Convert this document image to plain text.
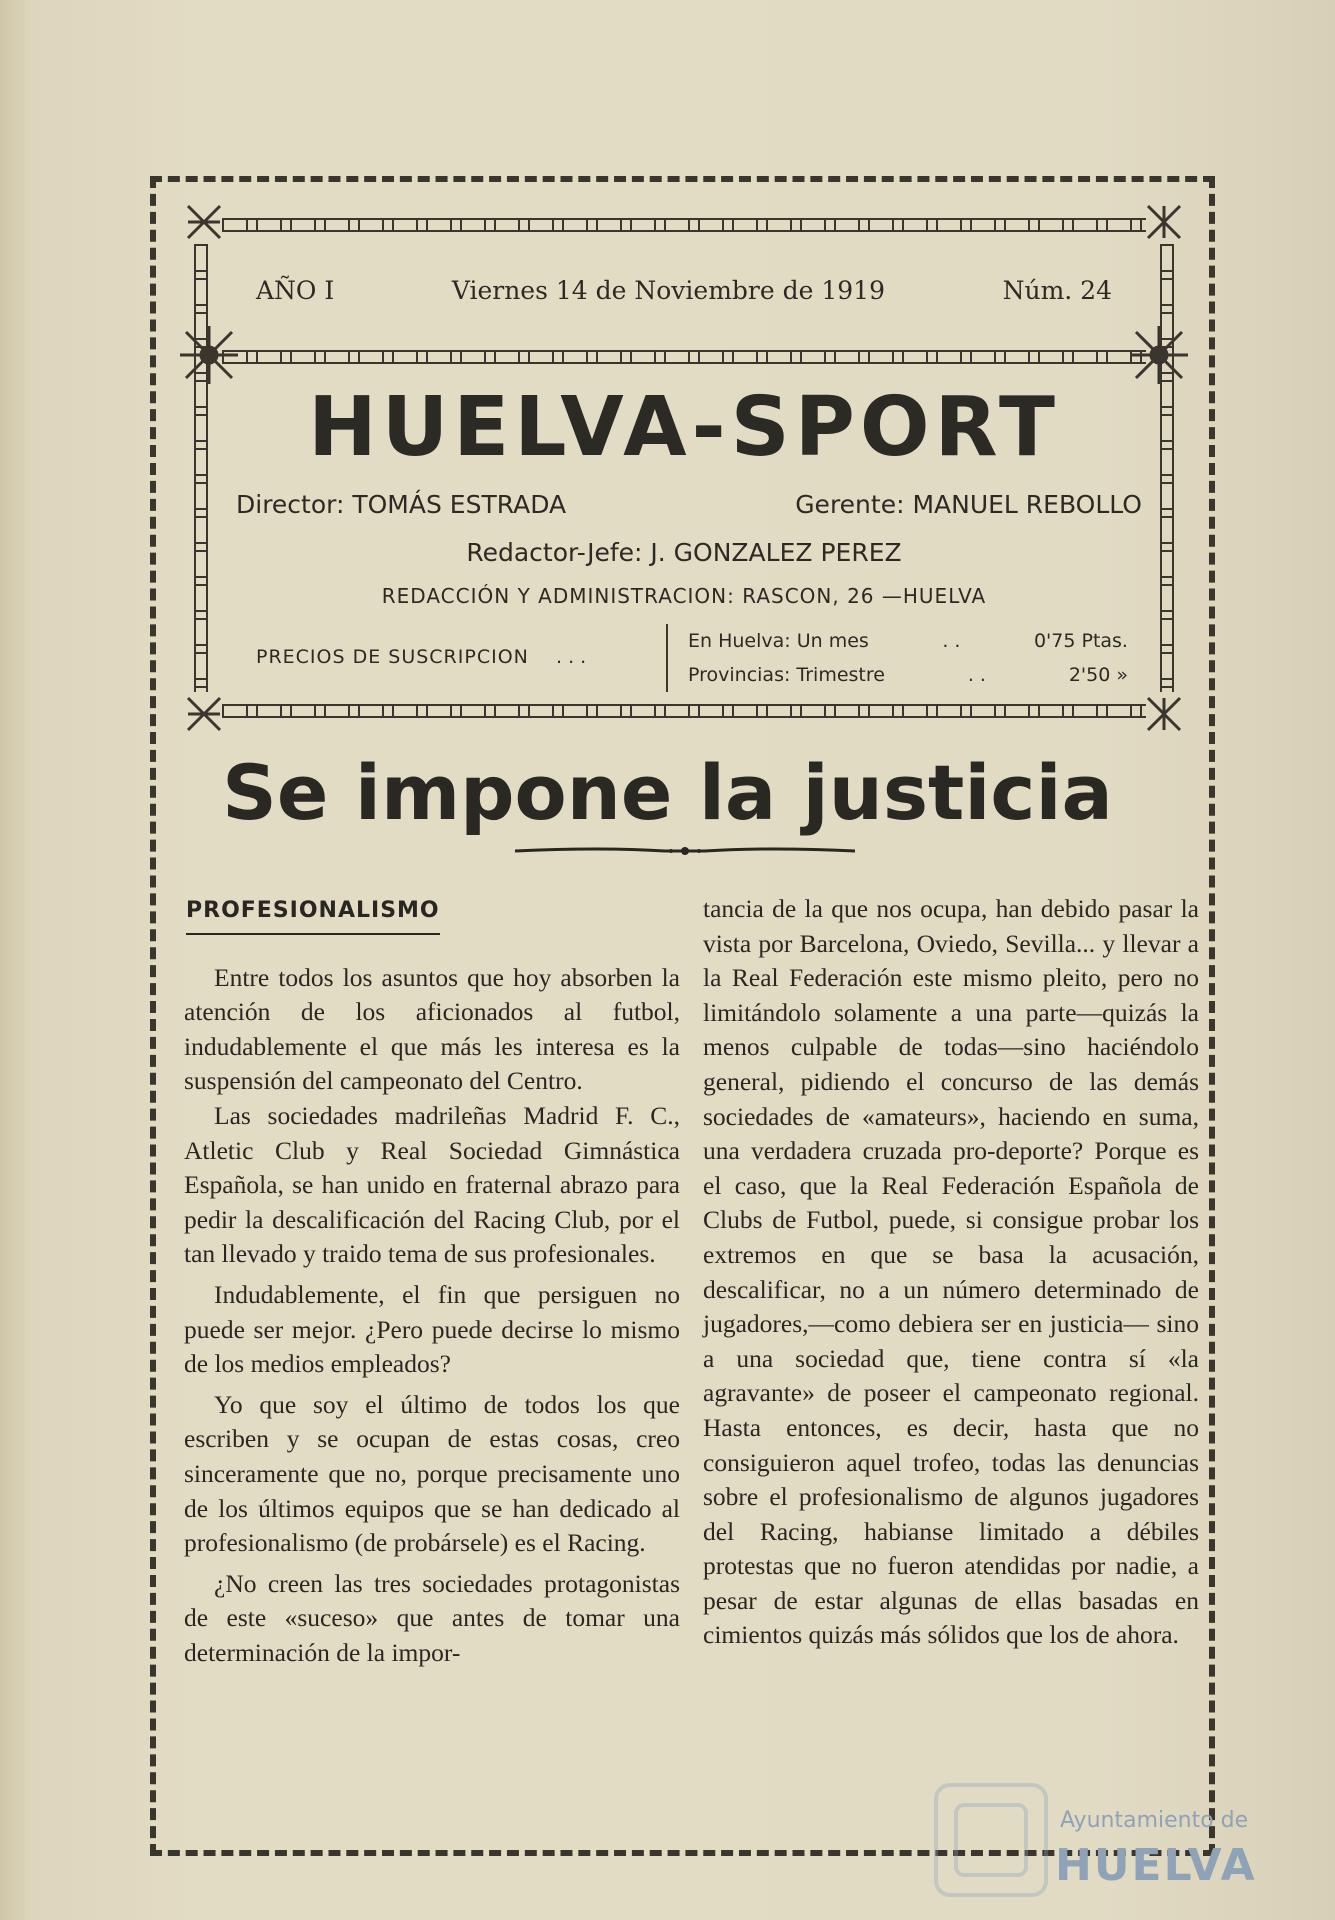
AÑO I	Viernes 14 de Noviembre de 1919	Núm. 24
HUELVA-SPORT
Director: TOMÁS ESTRADA	Gerente: MANUEL REBOLLO
Redactor-Jefe: J. GONZALEZ PEREZ
REDACCIÓN Y ADMINISTRACION: RASCON, 26 —HUELVA
PRECIOS DE SUSCRIPCION . . .
En Huelva: Un mes	. .	0'75 Ptas.
Provincias: Trimestre	. .	2'50 »
Se impone la justicia
PROFESIONALISMO

Entre todos los asuntos que hoy absorben la atención de los aficionados al futbol, indudablemente el que más les interesa es la suspensión del campeonato del Centro.

Las sociedades madrileñas Madrid F. C., Atletic Club y Real Sociedad Gimnástica Española, se han unido en fraternal abrazo para pedir la descalificación del Racing Club, por el tan llevado y traido tema de sus profesionales.

Indudablemente, el fin que persiguen no puede ser mejor. ¿Pero puede decirse lo mismo de los medios empleados?

Yo que soy el último de todos los que escriben y se ocupan de estas cosas, creo sinceramente que no, porque precisamente uno de los últimos equipos que se han dedicado al profesionalismo (de probársele) es el Racing.

¿No creen las tres sociedades protagonistas de este «suceso» que antes de tomar una determinación de la impor-

tancia de la que nos ocupa, han debido pasar la vista por Barcelona, Oviedo, Sevilla... y llevar a la Real Federación este mismo pleito, pero no limitándolo solamente a una parte—quizás la menos culpable de todas—sino haciéndolo general, pidiendo el concurso de las demás sociedades de «amateurs», haciendo en suma, una verdadera cruzada pro-deporte? Porque es el caso, que la Real Federación Española de Clubs de Futbol, puede, si consigue probar los extremos en que se basa la acusación, descalificar, no a un número determinado de jugadores,—como debiera ser en justicia— sino a una sociedad que, tiene contra sí «la agravante» de poseer el campeonato regional. Hasta entonces, es decir, hasta que no consiguieron aquel trofeo, todas las denuncias sobre el profesionalismo de algunos jugadores del Racing, habianse limitado a débiles protestas que no fueron atendidas por nadie, a pesar de estar algunas de ellas basadas en cimientos quizás más sólidos que los de ahora.

Ayuntamiento de
HUELVA
